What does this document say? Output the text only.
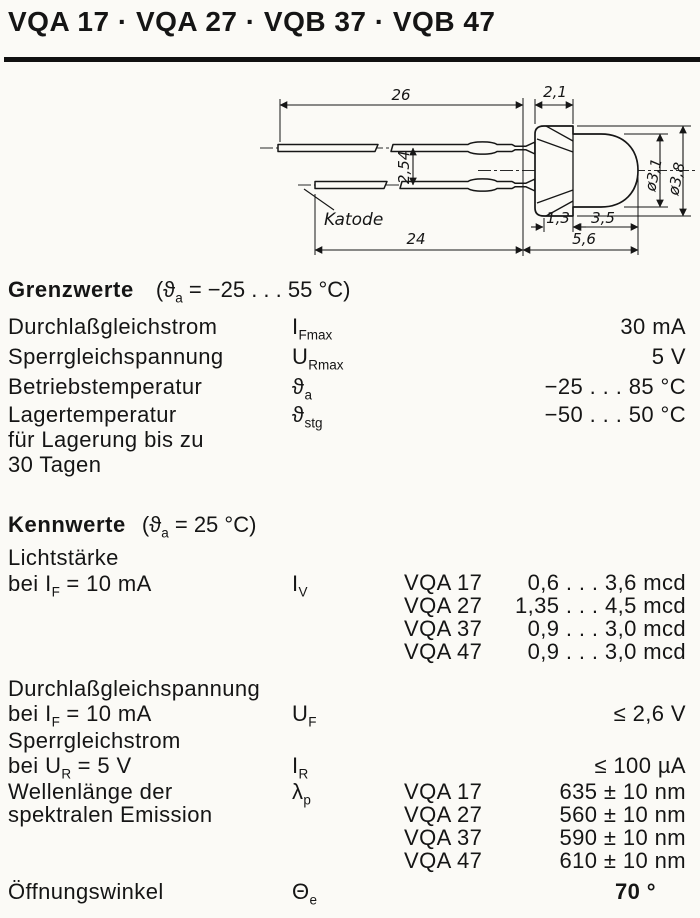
VQA 17 · VQA 27 · VQB 37 · VQB 47
26	2,1
2,54
Katode
24	5,6
3,5
1,3
ø3,1
ø3,8
Grenzwerte ($ϑ_a = -25$ . . . 55 °C)
Durchlaßgleichstrom	$I_{Fmax}$	30 mA
Sperrgleichspannung	$U_{Rmax}$	5 V
Betriebstemperatur	$ϑ_a$	−25 . . . 85 °C
Lagertemperatur
für Lagerung bis zu
30 Tagen
$ϑ_{stg}$	−50 . . . 50 °C
Kennwerte ($ϑ_a = 25$ °C)
Lichtstärke
bei $I_F = 10$ mA	$I_V$	VQA 17	0,6 . . . 3,6 mcd
VQA 27	1,35 . . . 4,5 mcd
VQA 37	0,9 . . . 3,0 mcd
VQA 47	0,9 . . . 3,0 mcd
Durchlaßgleichspannung
bei $I_F = 10$ mA	$U_F$	≤ 2,6 V
Sperrgleichstrom
bei $U_R = 5$ V	$I_R$	≤ 100 µA
Wellenlänge der
spektralen Emission
$\lambda_p$	VQA 17	635 ± 10 nm
VQA 27	560 ± 10 nm
VQA 37	590 ± 10 nm
VQA 47	610 ± 10 nm
Öffnungswinkel	$\Theta_e$	70 °
